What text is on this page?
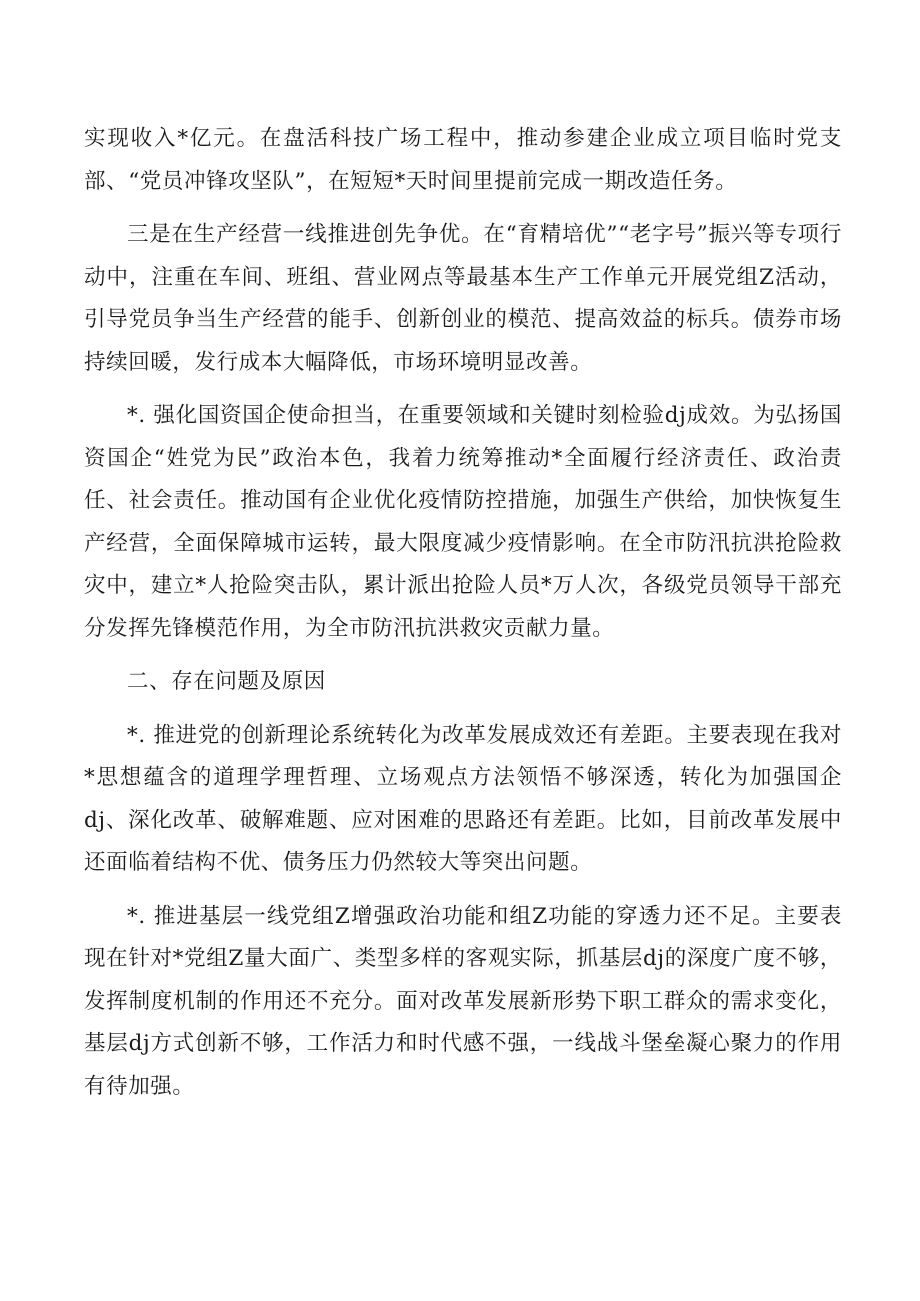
实现收入*亿元。在盘活科技广场工程中，推动参建企业成立项目临时党支部、“党员冲锋攻坚队”，在短短*天时间里提前完成一期改造任务。

三是在生产经营一线推进创先争优。在“育精培优”“老字号”振兴等专项行动中，注重在车间、班组、营业网点等最基本生产工作单元开展党组Z活动，引导党员争当生产经营的能手、创新创业的模范、提高效益的标兵。债券市场持续回暖，发行成本大幅降低，市场环境明显改善。

*. 强化国资国企使命担当，在重要领域和关键时刻检验dj成效。为弘扬国资国企“姓党为民”政治本色，我着力统筹推动*全面履行经济责任、政治责任、社会责任。推动国有企业优化疫情防控措施，加强生产供给，加快恢复生产经营，全面保障城市运转，最大限度减少疫情影响。在全市防汛抗洪抢险救灾中，建立*人抢险突击队，累计派出抢险人员*万人次，各级党员领导干部充分发挥先锋模范作用，为全市防汛抗洪救灾贡献力量。

二、存在问题及原因

*. 推进党的创新理论系统转化为改革发展成效还有差距。主要表现在我对*思想蕴含的道理学理哲理、立场观点方法领悟不够深透，转化为加强国企dj、深化改革、破解难题、应对困难的思路还有差距。比如，目前改革发展中还面临着结构不优、债务压力仍然较大等突出问题。

*. 推进基层一线党组Z增强政治功能和组Z功能的穿透力还不足。主要表现在针对*党组Z量大面广、类型多样的客观实际，抓基层dj的深度广度不够，发挥制度机制的作用还不充分。面对改革发展新形势下职工群众的需求变化，基层dj方式创新不够，工作活力和时代感不强，一线战斗堡垒凝心聚力的作用有待加强。
